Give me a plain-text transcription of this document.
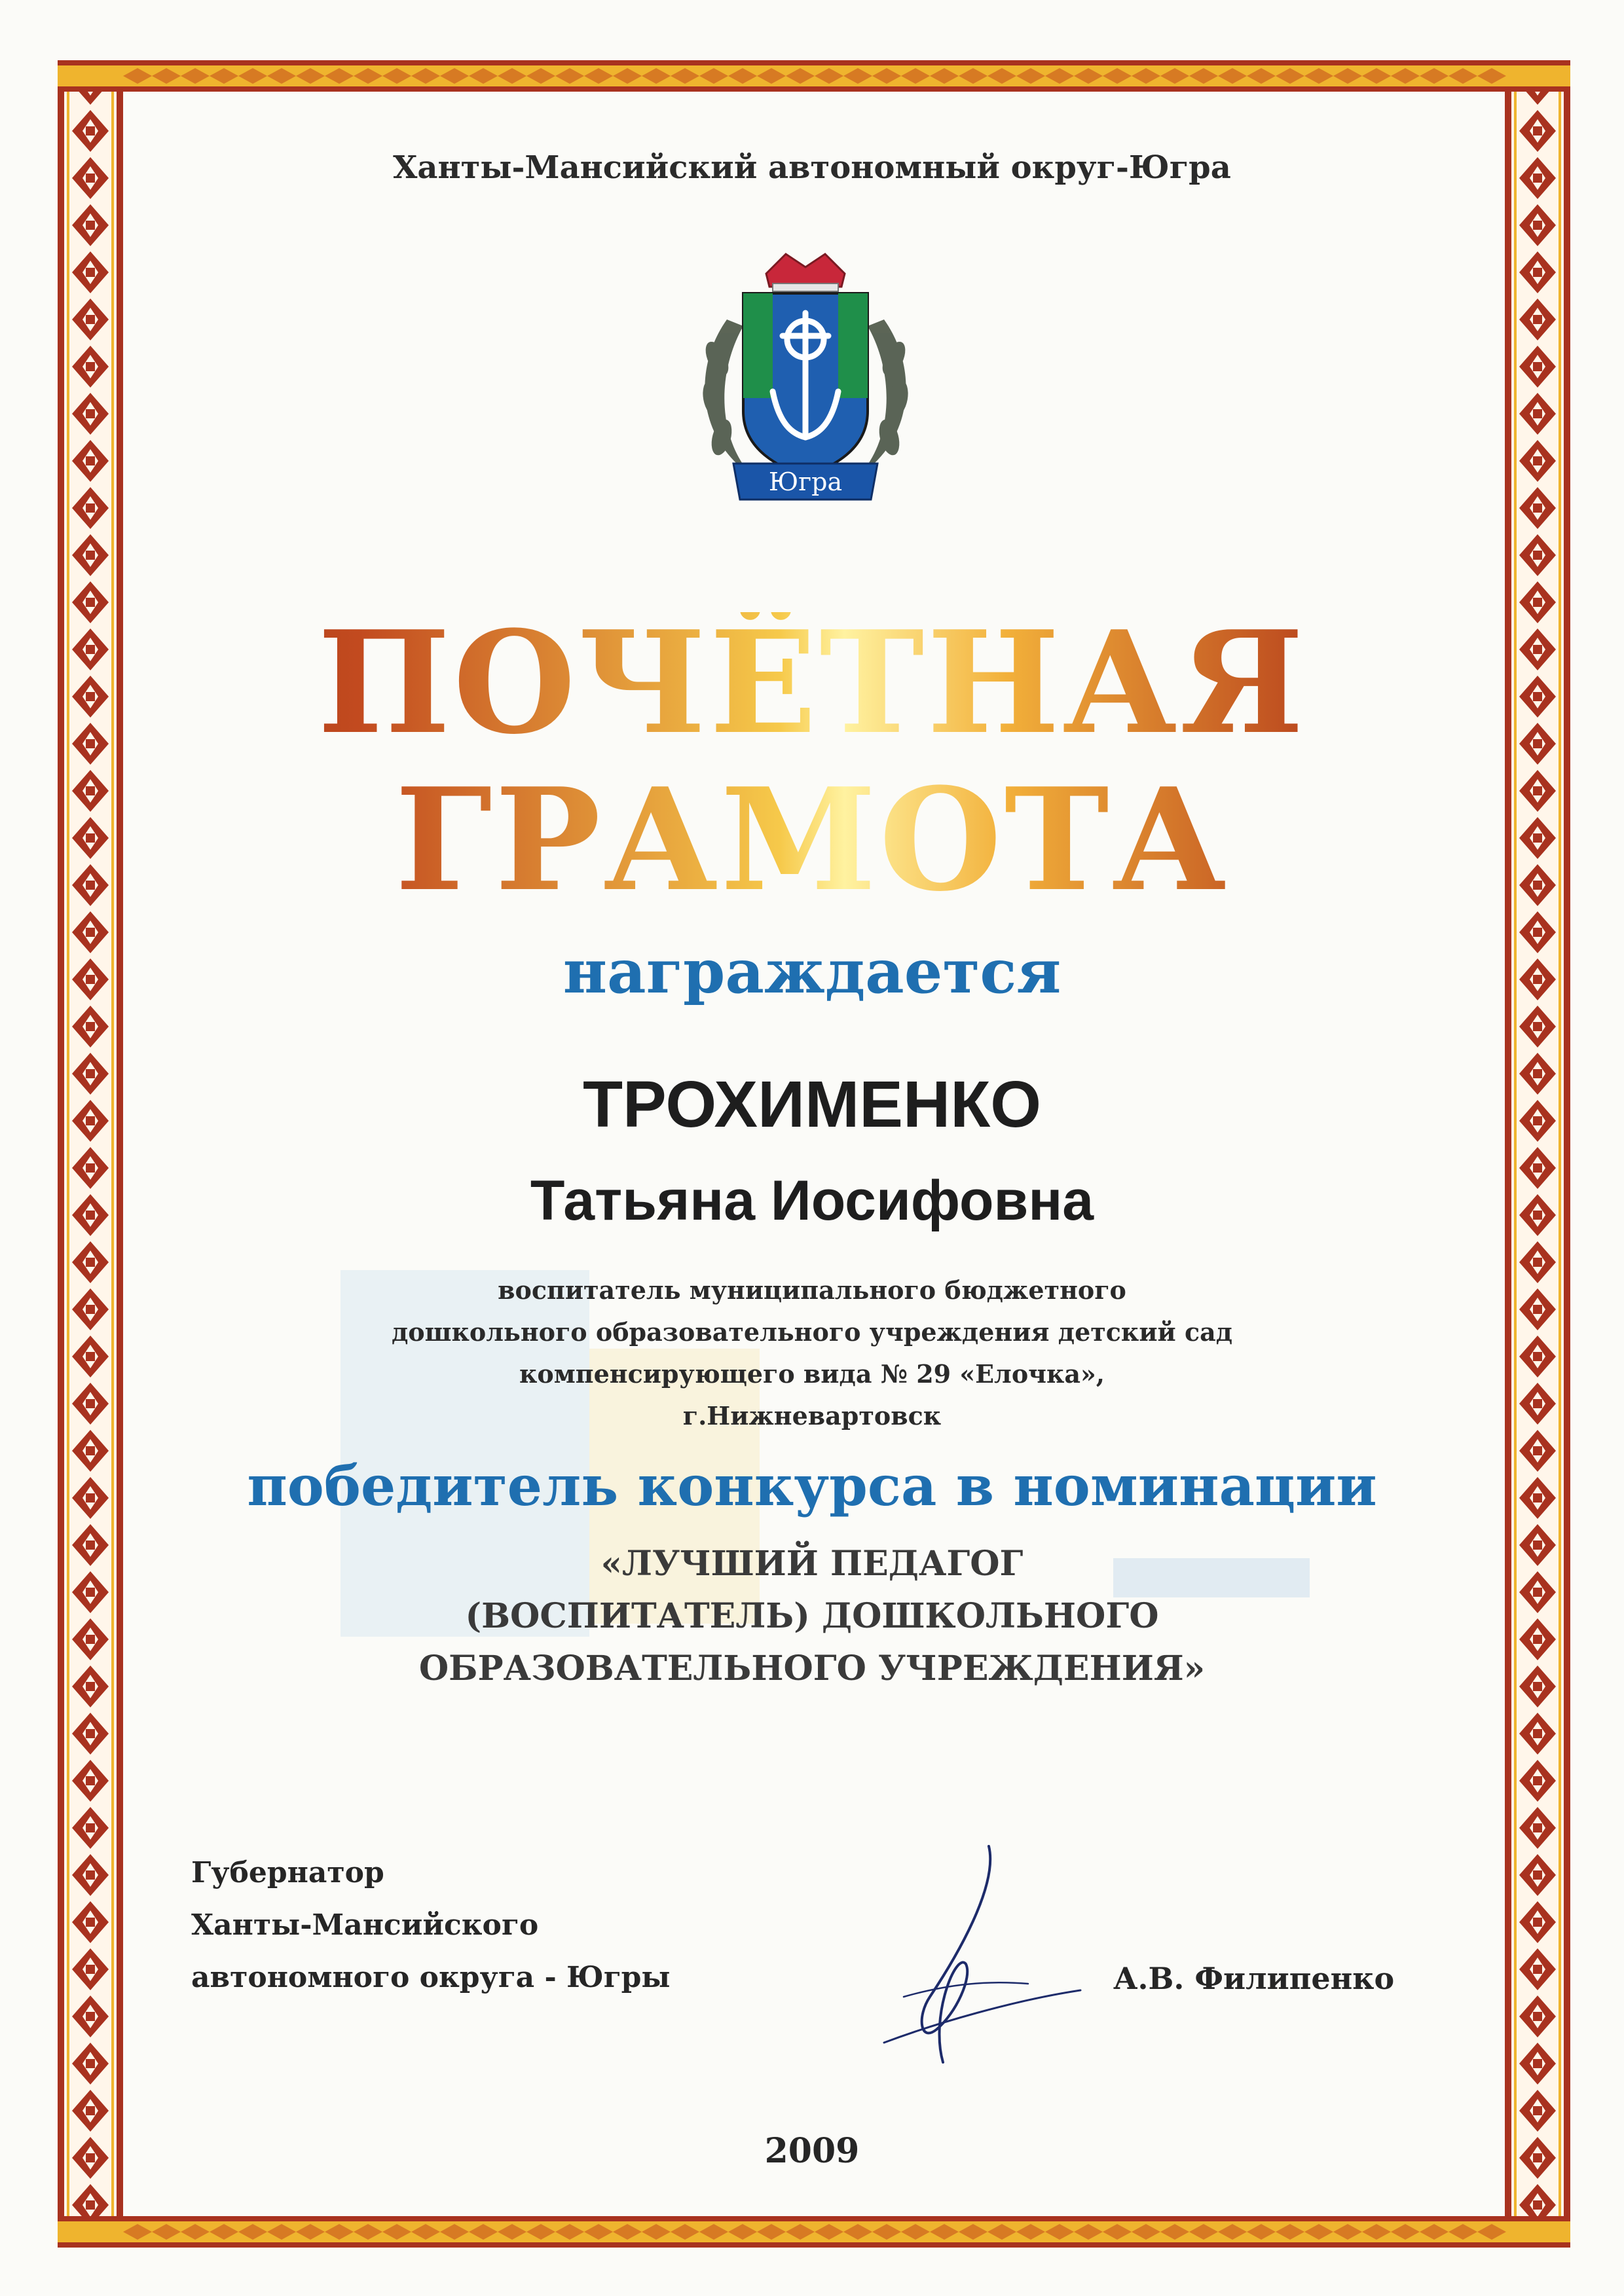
Ханты-Мансийский автономный округ-Югра
Югра
ПОЧЁТНАЯ
ГРАМОТА
награждается
ТРОХИМЕНКО
Татьяна Иосифовна
воспитатель муниципального бюджетного
дошкольного образовательного учреждения детский сад
компенсирующего вида № 29 «Елочка»,
г.Нижневартовск
победитель конкурса в номинации
«ЛУЧШИЙ ПЕДАГОГ
(ВОСПИТАТЕЛЬ) ДОШКОЛЬНОГО
ОБРАЗОВАТЕЛЬНОГО УЧРЕЖДЕНИЯ»
Губернатор
Ханты-Мансийского
автономного округа - Югры	А.В. Филипенко
2009
